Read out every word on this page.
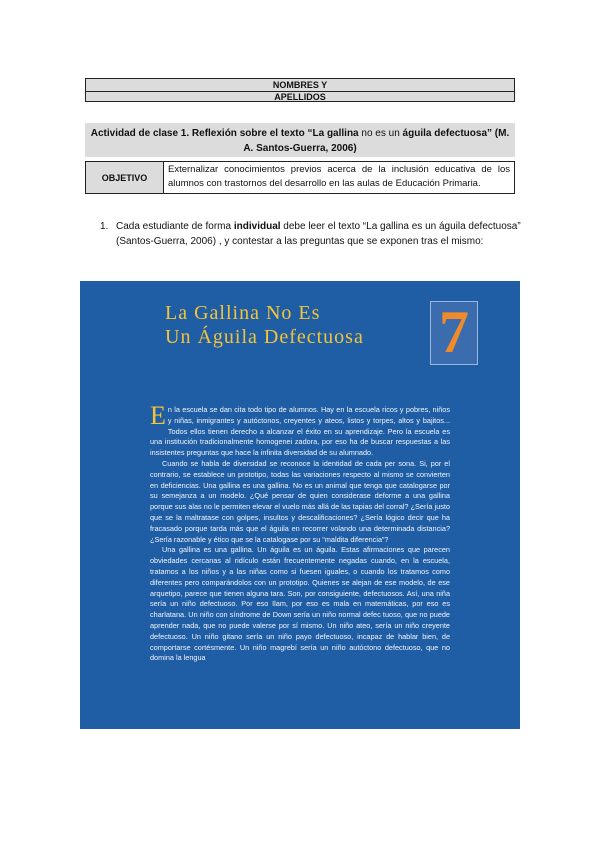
NOMBRES Y
APELLIDOS
Actividad de clase 1. Reflexión sobre el texto “La gallina no es un águila defectuosa” (M. A. Santos-Guerra, 2006)
OBJETIVO
Externalizar conocimientos previos acerca de la inclusión educativa de los alumnos con trastornos del desarrollo en las aulas de Educación Primaria.
1. Cada estudiante de forma individual debe leer el texto “La gallina es un águila defectuosa” (Santos-Guerra, 2006) , y contestar a las preguntas que se exponen tras el mismo:
La Gallina No Es
Un Águila Defectuosa 7

En la escuela se dan cita todo tipo de alumnos. Hay en la escuela ricos y pobres, niños y niñas, inmigrantes y autóctonos, creyentes y ateos, listos y torpes, altos y bajitos... Todos ellos tienen derecho a alcanzar el éxito en su aprendizaje. Pero la escuela es una institución tradicionalmente homogenei zadora, por eso ha de buscar respuestas a las insistentes preguntas que hace la infinita diversidad de su alumnado.

Cuando se habla de diversidad se reconoce la identidad de cada per sona. Si, por el contrario, se establece un prototipo, todas las variaciones respecto al mismo se convierten en deficiencias. Una gallina es una gallina. No es un animal que tenga que catalogarse por su semejanza a un modelo. ¿Qué pensar de quien considerase deforme a una gallina porque sus alas no le permiten elevar el vuelo más allá de las tapias del corral? ¿Sería justo que se la maltratase con golpes, insultos y descalificaciones? ¿Sería lógico decir que ha fracasado porque tarda más que el águila en recorrer volando una determinada distancia? ¿Sería razonable y ético que se la catalogase por su “maldita diferencia”?

Una gallina es una gallina. Un águila es un águila. Estas afirmaciones que parecen obviedades cercanas al ridículo están frecuentemente negadas cuando, en la escuela, tratamos a los niños y a las niñas como si fuesen iguales, o cuando los tratamos como diferentes pero comparándolos con un prototipo. Quienes se alejan de ese modelo, de ese arquetipo, parece que tienen alguna tara. Son, por consiguiente, defectuosos. Así, una niña sería un niño defectuoso. Por eso Ilam, por eso es mala en matemáticas, por eso es charlatana. Un niño con síndrome de Down sería un niño normal defec tuoso, que no puede aprender nada, que no puede valerse por sí mismo. Un niño ateo, sería un niño creyente defectuoso. Un niño gitano sería un niño payo defectuoso, incapaz de hablar bien, de comportarse cortésmente. Un niño magrebí sería un niño autóctono defectuoso, que no domina la lengua
